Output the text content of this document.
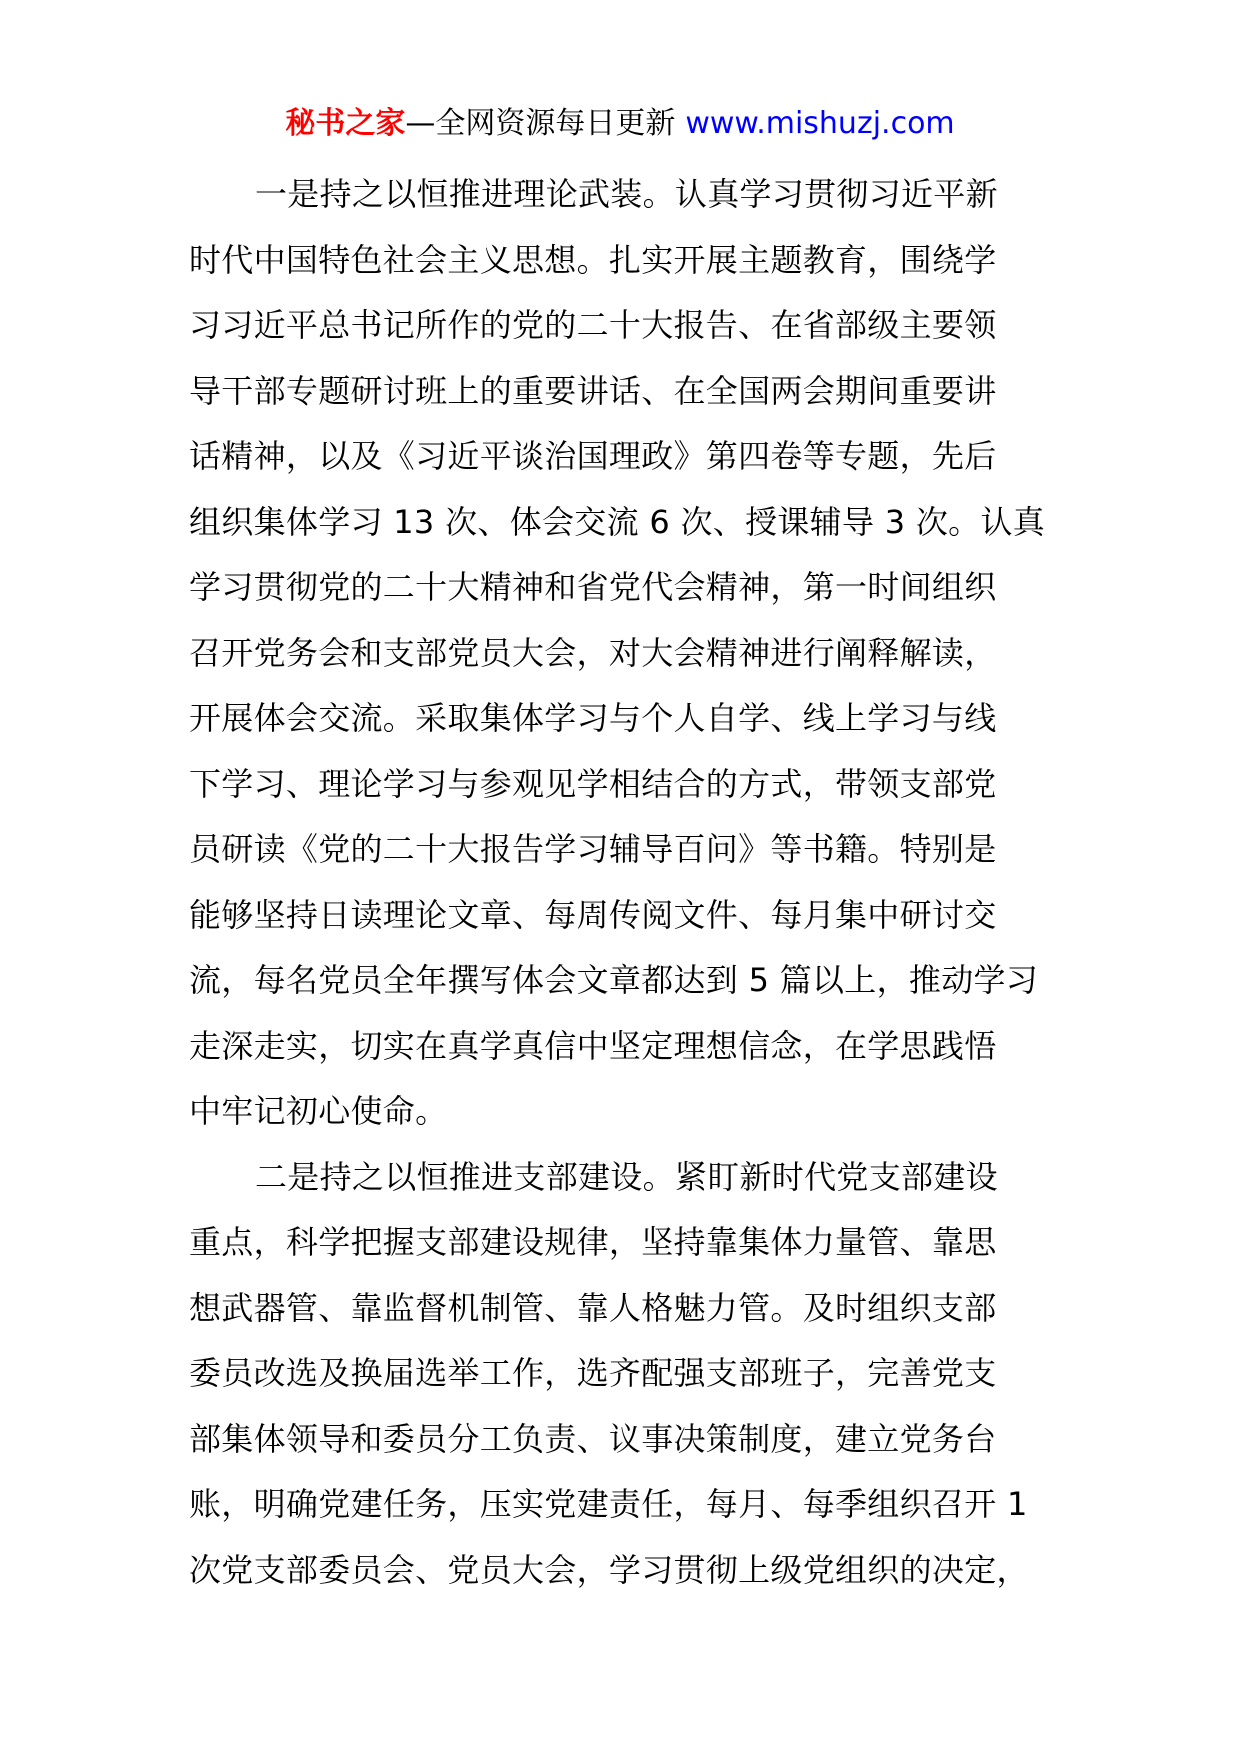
秘书之家—全网资源每日更新 www.mishuzj.com
一是持之以恒推进理论武装。认真学习贯彻习近平新
时代中国特色社会主义思想。扎实开展主题教育，围绕学
习习近平总书记所作的党的二十大报告、在省部级主要领
导干部专题研讨班上的重要讲话、在全国两会期间重要讲
话精神，以及《习近平谈治国理政》第四卷等专题，先后
组织集体学习 13 次、体会交流 6 次、授课辅导 3 次。认真
学习贯彻党的二十大精神和省党代会精神，第一时间组织
召开党务会和支部党员大会，对大会精神进行阐释解读，
开展体会交流。采取集体学习与个人自学、线上学习与线
下学习、理论学习与参观见学相结合的方式，带领支部党
员研读《党的二十大报告学习辅导百问》等书籍。特别是
能够坚持日读理论文章、每周传阅文件、每月集中研讨交
流，每名党员全年撰写体会文章都达到 5 篇以上，推动学习
走深走实，切实在真学真信中坚定理想信念，在学思践悟
中牢记初心使命。
二是持之以恒推进支部建设。紧盯新时代党支部建设
重点，科学把握支部建设规律，坚持靠集体力量管、靠思
想武器管、靠监督机制管、靠人格魅力管。及时组织支部
委员改选及换届选举工作，选齐配强支部班子，完善党支
部集体领导和委员分工负责、议事决策制度，建立党务台
账，明确党建任务，压实党建责任，每月、每季组织召开 1
次党支部委员会、党员大会，学习贯彻上级党组织的决定，
